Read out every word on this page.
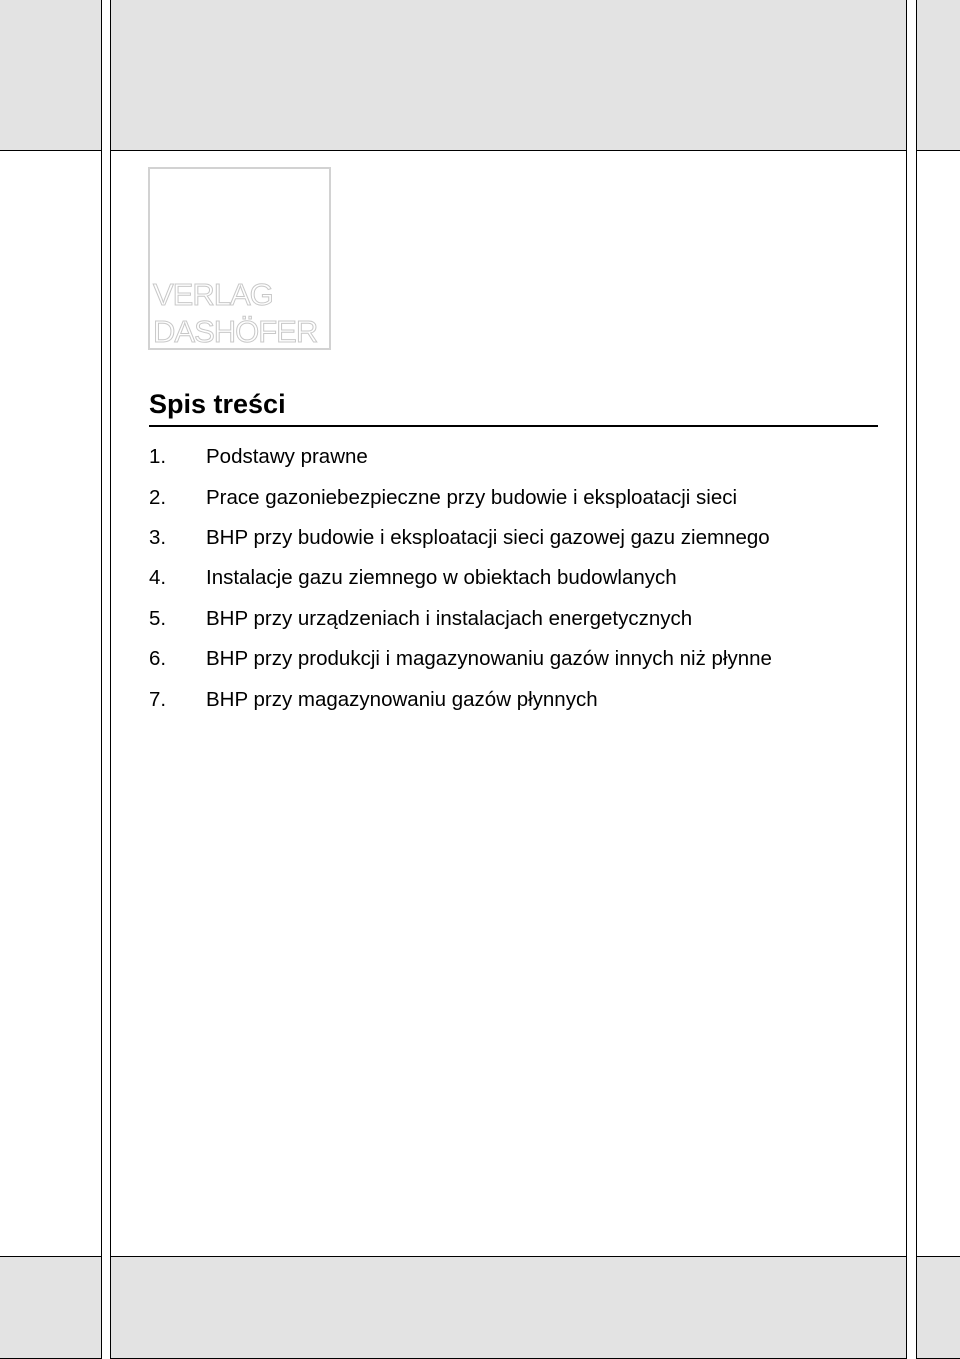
VERLAG
DASHÖFER
Spis treści
1.	Podstawy prawne
2.	Prace gazoniebezpieczne przy budowie i eksploatacji sieci
3.	BHP przy budowie i eksploatacji sieci gazowej gazu ziemnego
4.	Instalacje gazu ziemnego w obiektach budowlanych
5.	BHP przy urządzeniach i instalacjach energetycznych
6.	BHP przy produkcji i magazynowaniu gazów innych niż płynne
7.	BHP przy magazynowaniu gazów płynnych
